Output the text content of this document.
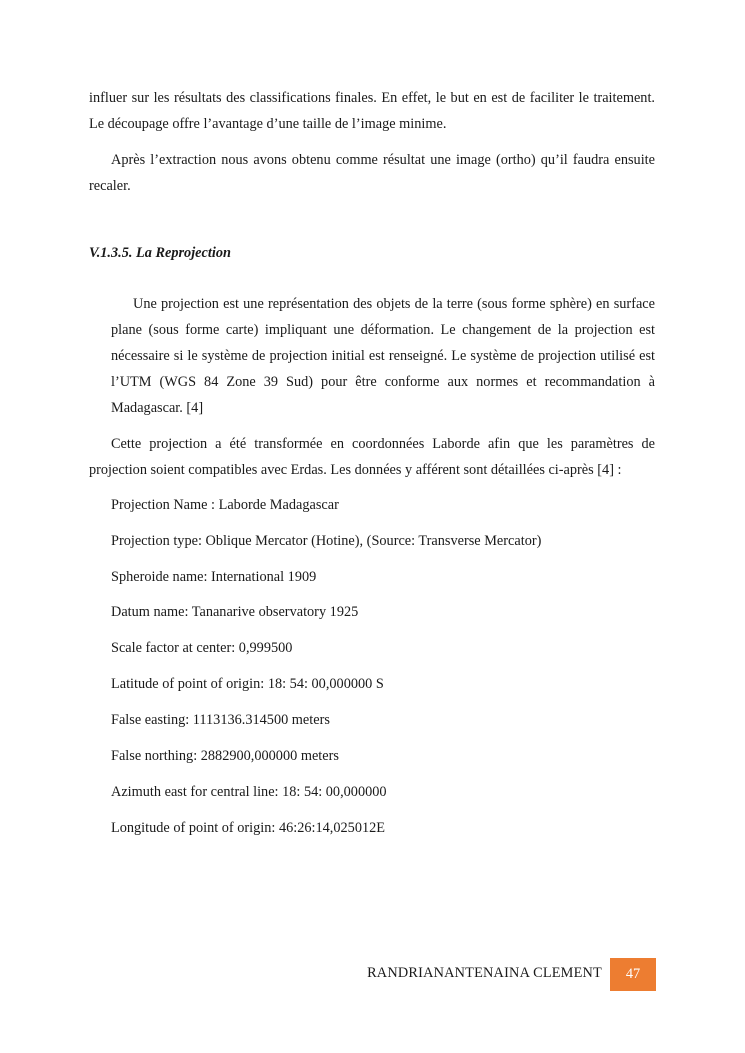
influer sur les résultats des classifications finales. En effet, le but en est de faciliter le traitement. Le découpage offre l’avantage d’une taille de l’image minime.

Après l’extraction nous avons obtenu comme résultat une image (ortho) qu’il faudra ensuite recaler.

V.1.3.5. La Reprojection

Une projection est une représentation des objets de la terre (sous forme sphère) en surface plane (sous forme carte) impliquant une déformation. Le changement de la projection est nécessaire si le système de projection initial est renseigné. Le système de projection utilisé est l’UTM (WGS 84 Zone 39 Sud) pour être conforme aux normes et recommandation à Madagascar. [4]

Cette projection a été transformée en coordonnées Laborde afin que les paramètres de projection soient compatibles avec Erdas. Les données y afférent sont détaillées ci-après [4] :

Projection Name : Laborde Madagascar
Projection type: Oblique Mercator (Hotine), (Source: Transverse Mercator)
Spheroide name: International 1909
Datum name: Tananarive observatory 1925
Scale factor at center: 0,999500
Latitude of point of origin: 18: 54: 00,000000 S
False easting: 1113136.314500 meters
False northing: 2882900,000000 meters
Azimuth east for central line: 18: 54: 00,000000
Longitude of point of origin: 46:26:14,025012E
RANDRIANANTENAINA CLEMENT 47
